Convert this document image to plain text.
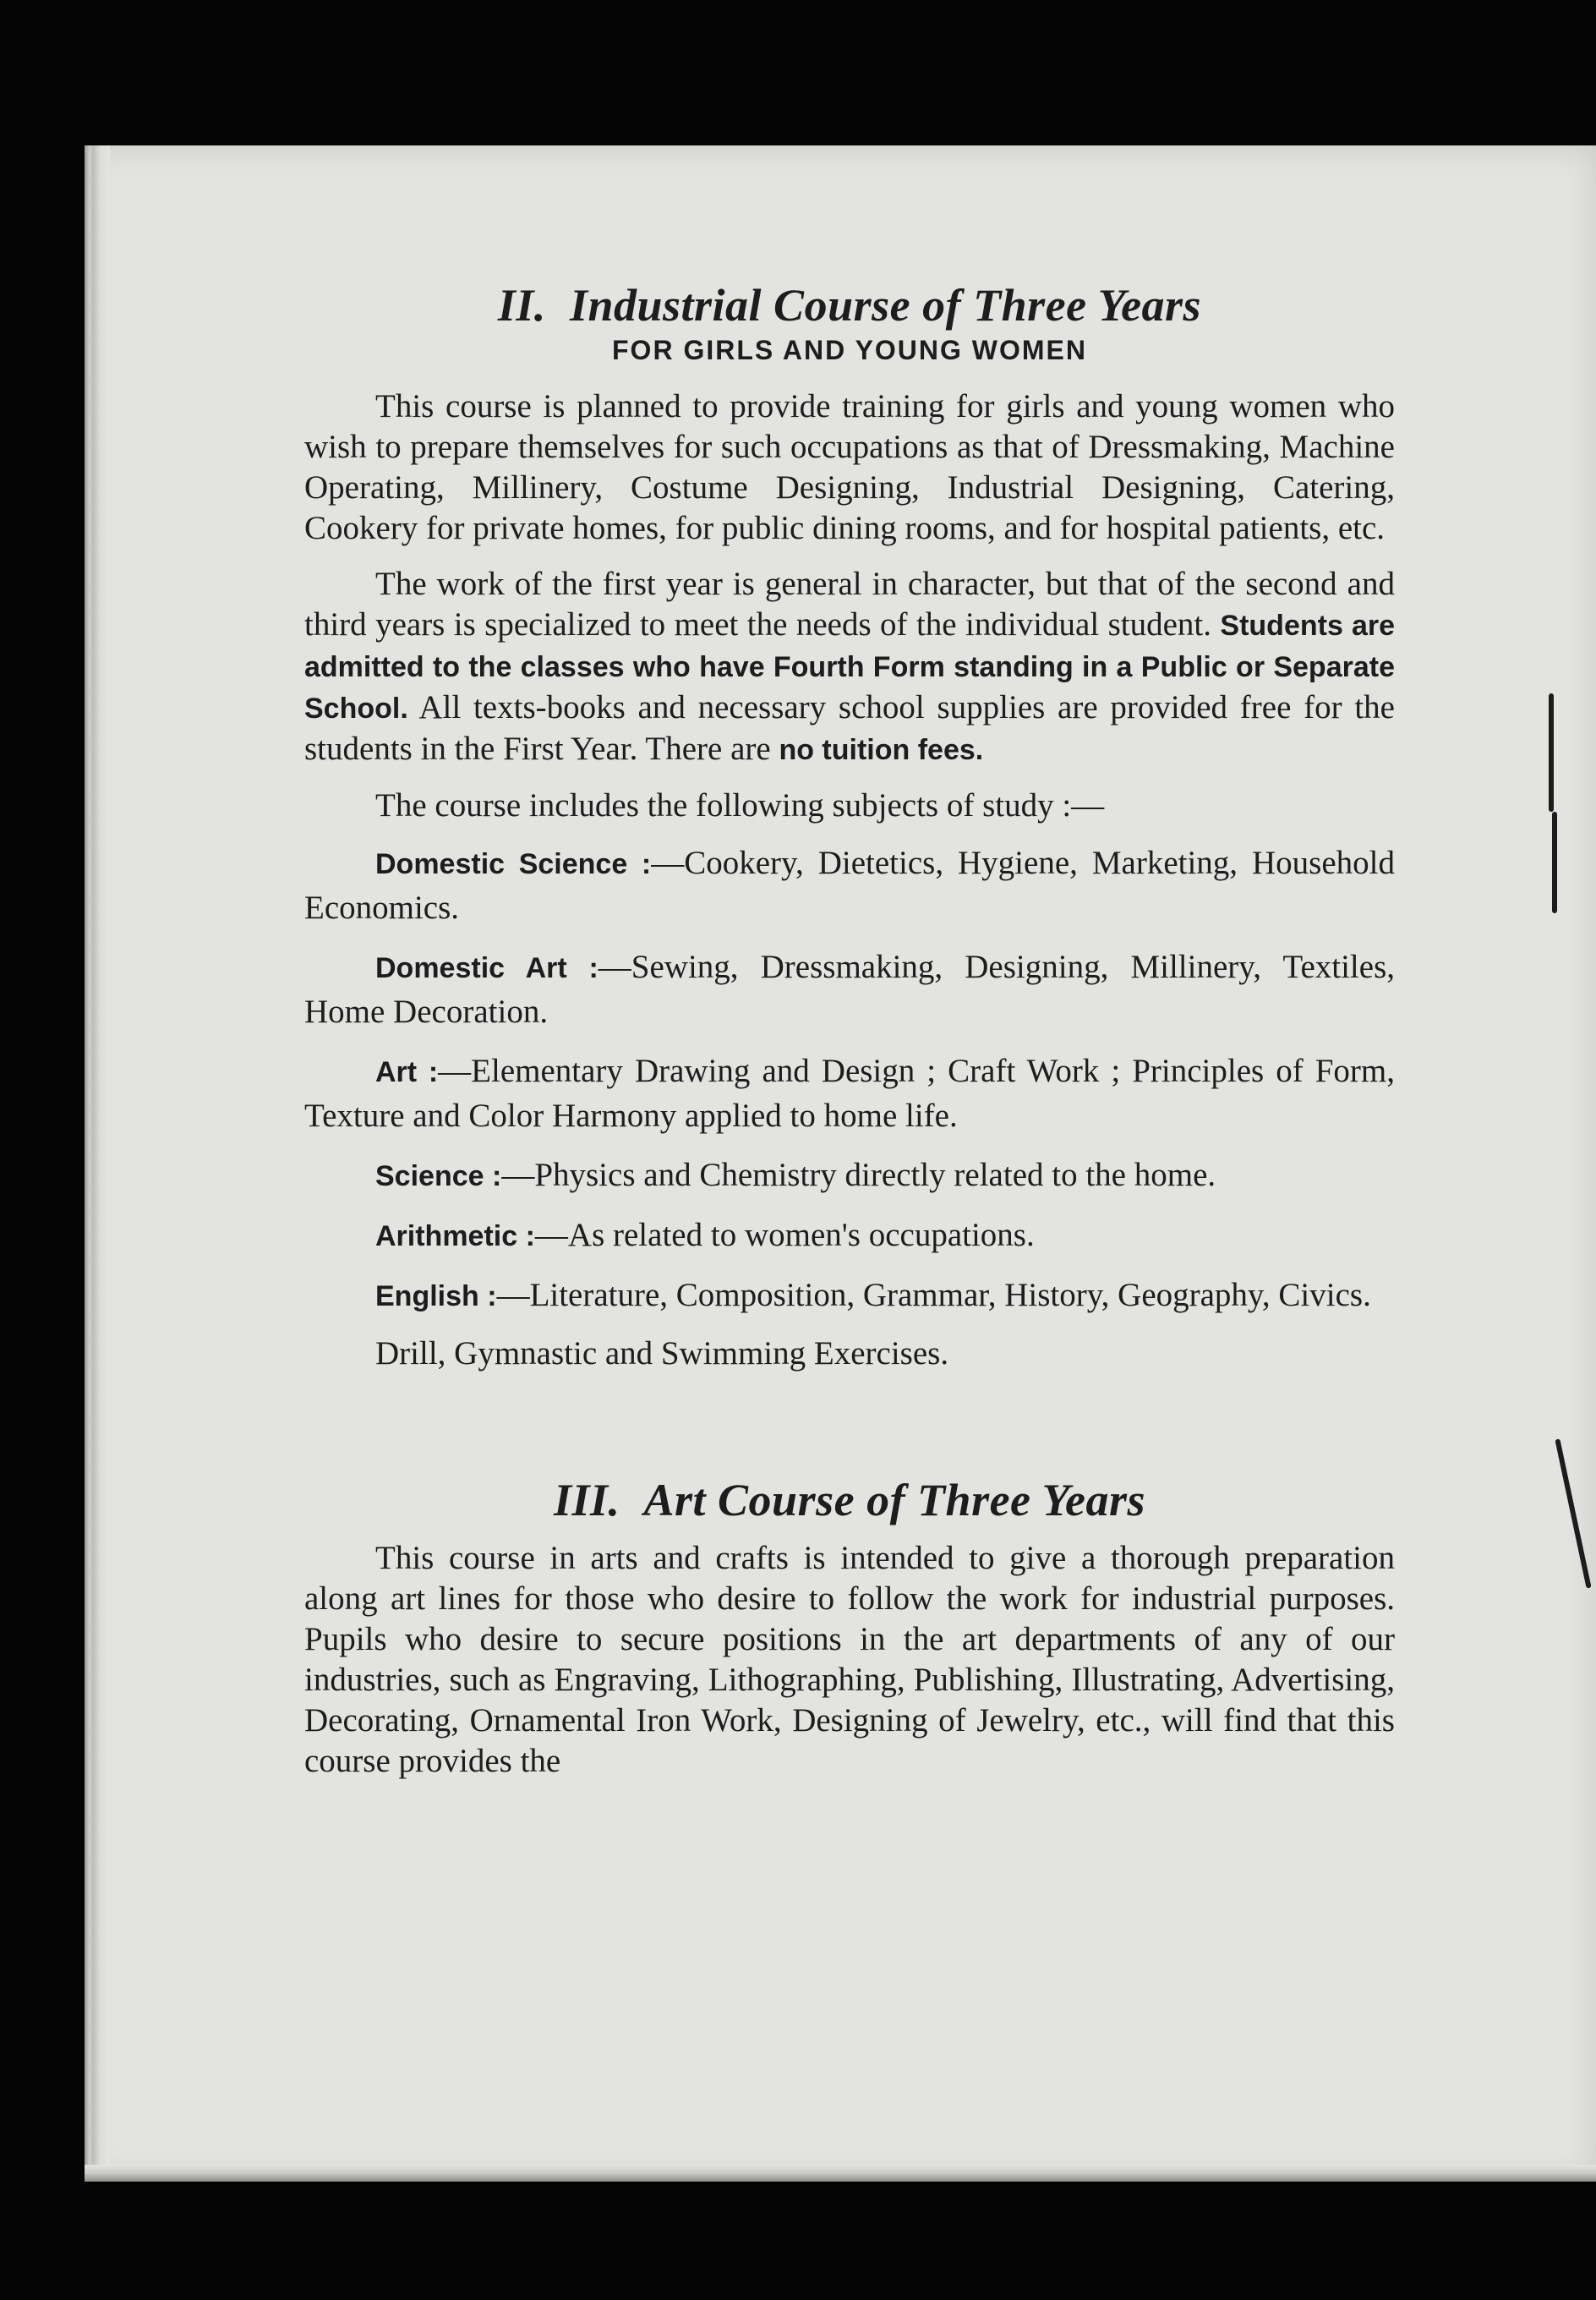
II. Industrial Course of Three Years
FOR GIRLS AND YOUNG WOMEN

This course is planned to provide training for girls and young women who wish to prepare themselves for such occupations as that of Dressmaking, Machine Operating, Millinery, Costume Designing, Industrial Designing, Catering, Cookery for private homes, for public dining rooms, and for hospital patients, etc.

The work of the first year is general in character, but that of the second and third years is specialized to meet the needs of the individual student. Students are admitted to the classes who have Fourth Form standing in a Public or Separate School. All texts-books and necessary school supplies are provided free for the students in the First Year. There are no tuition fees.

The course includes the following subjects of study :—

Domestic Science :—Cookery, Dietetics, Hygiene, Marketing, Household Economics.
Domestic Art :—Sewing, Dressmaking, Designing, Millinery, Textiles, Home Decoration.
Art :—Elementary Drawing and Design ; Craft Work ; Principles of Form, Texture and Color Harmony applied to home life.
Science :—Physics and Chemistry directly related to the home.
Arithmetic :—As related to women's occupations.
English :—Literature, Composition, Grammar, History, Geography, Civics.

Drill, Gymnastic and Swimming Exercises.

III. Art Course of Three Years

This course in arts and crafts is intended to give a thorough preparation along art lines for those who desire to follow the work for industrial purposes. Pupils who desire to secure positions in the art departments of any of our industries, such as Engraving, Lithographing, Publishing, Illustrating, Advertising, Decorating, Ornamental Iron Work, Designing of Jewelry, etc., will find that this course provides the
